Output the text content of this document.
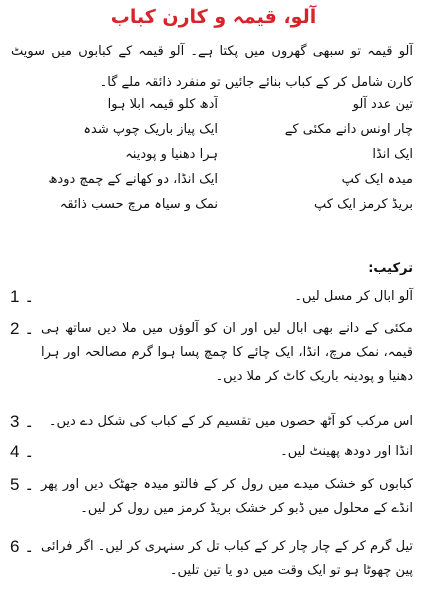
آلو، قیمہ و کارن کباب
آلو قیمہ تو سبھی گھروں میں پکتا ہے۔ آلو قیمہ کے کبابوں میں سویٹ کارن شامل کر کے کباب بنائے جائیں تو منفرد ذائقہ ملے گا۔
تین عدد آلو
آدھ کلو قیمہ ابلا ہوا
چار اونس دانے مکئی کے
ایک پیاز باریک چوپ شدہ
ایک انڈا
ہرا دھنیا و پودینہ
میدہ ایک کپ
ایک انڈا، دو کھانے کے چمچ دودھ
بریڈ کرمز ایک کپ
نمک و سیاہ مرچ حسب ذائقہ
ترکیب:
1 ۔	آلو ابال کر مسل لیں۔
2 ۔ مکئی کے دانے بھی ابال لیں اور ان کو آلوؤں میں ملا دیں ساتھ ہی قیمہ، نمک مرچ، انڈا، ایک چائے کا چمچ پسا ہوا گرم مصالحہ اور ہرا دھنیا و پودینہ باریک کاٹ کر ملا دیں۔
3 ۔	اس مرکب کو آٹھ حصوں میں تقسیم کر کے کباب کی شکل دے دیں۔
4 ۔	انڈا اور دودھ پھینٹ لیں۔
5 ۔ کبابوں کو خشک میدے میں رول کر کے فالتو میدہ جھٹک دیں اور پھر انڈے کے محلول میں ڈبو کر خشک بریڈ کرمز میں رول کر لیں۔
6 ۔ تیل گرم کر کے چار چار کر کے کباب تل کر سنہری کر لیں۔ اگر فرائی پین چھوٹا ہو تو ایک وقت میں دو یا تین تلیں۔
